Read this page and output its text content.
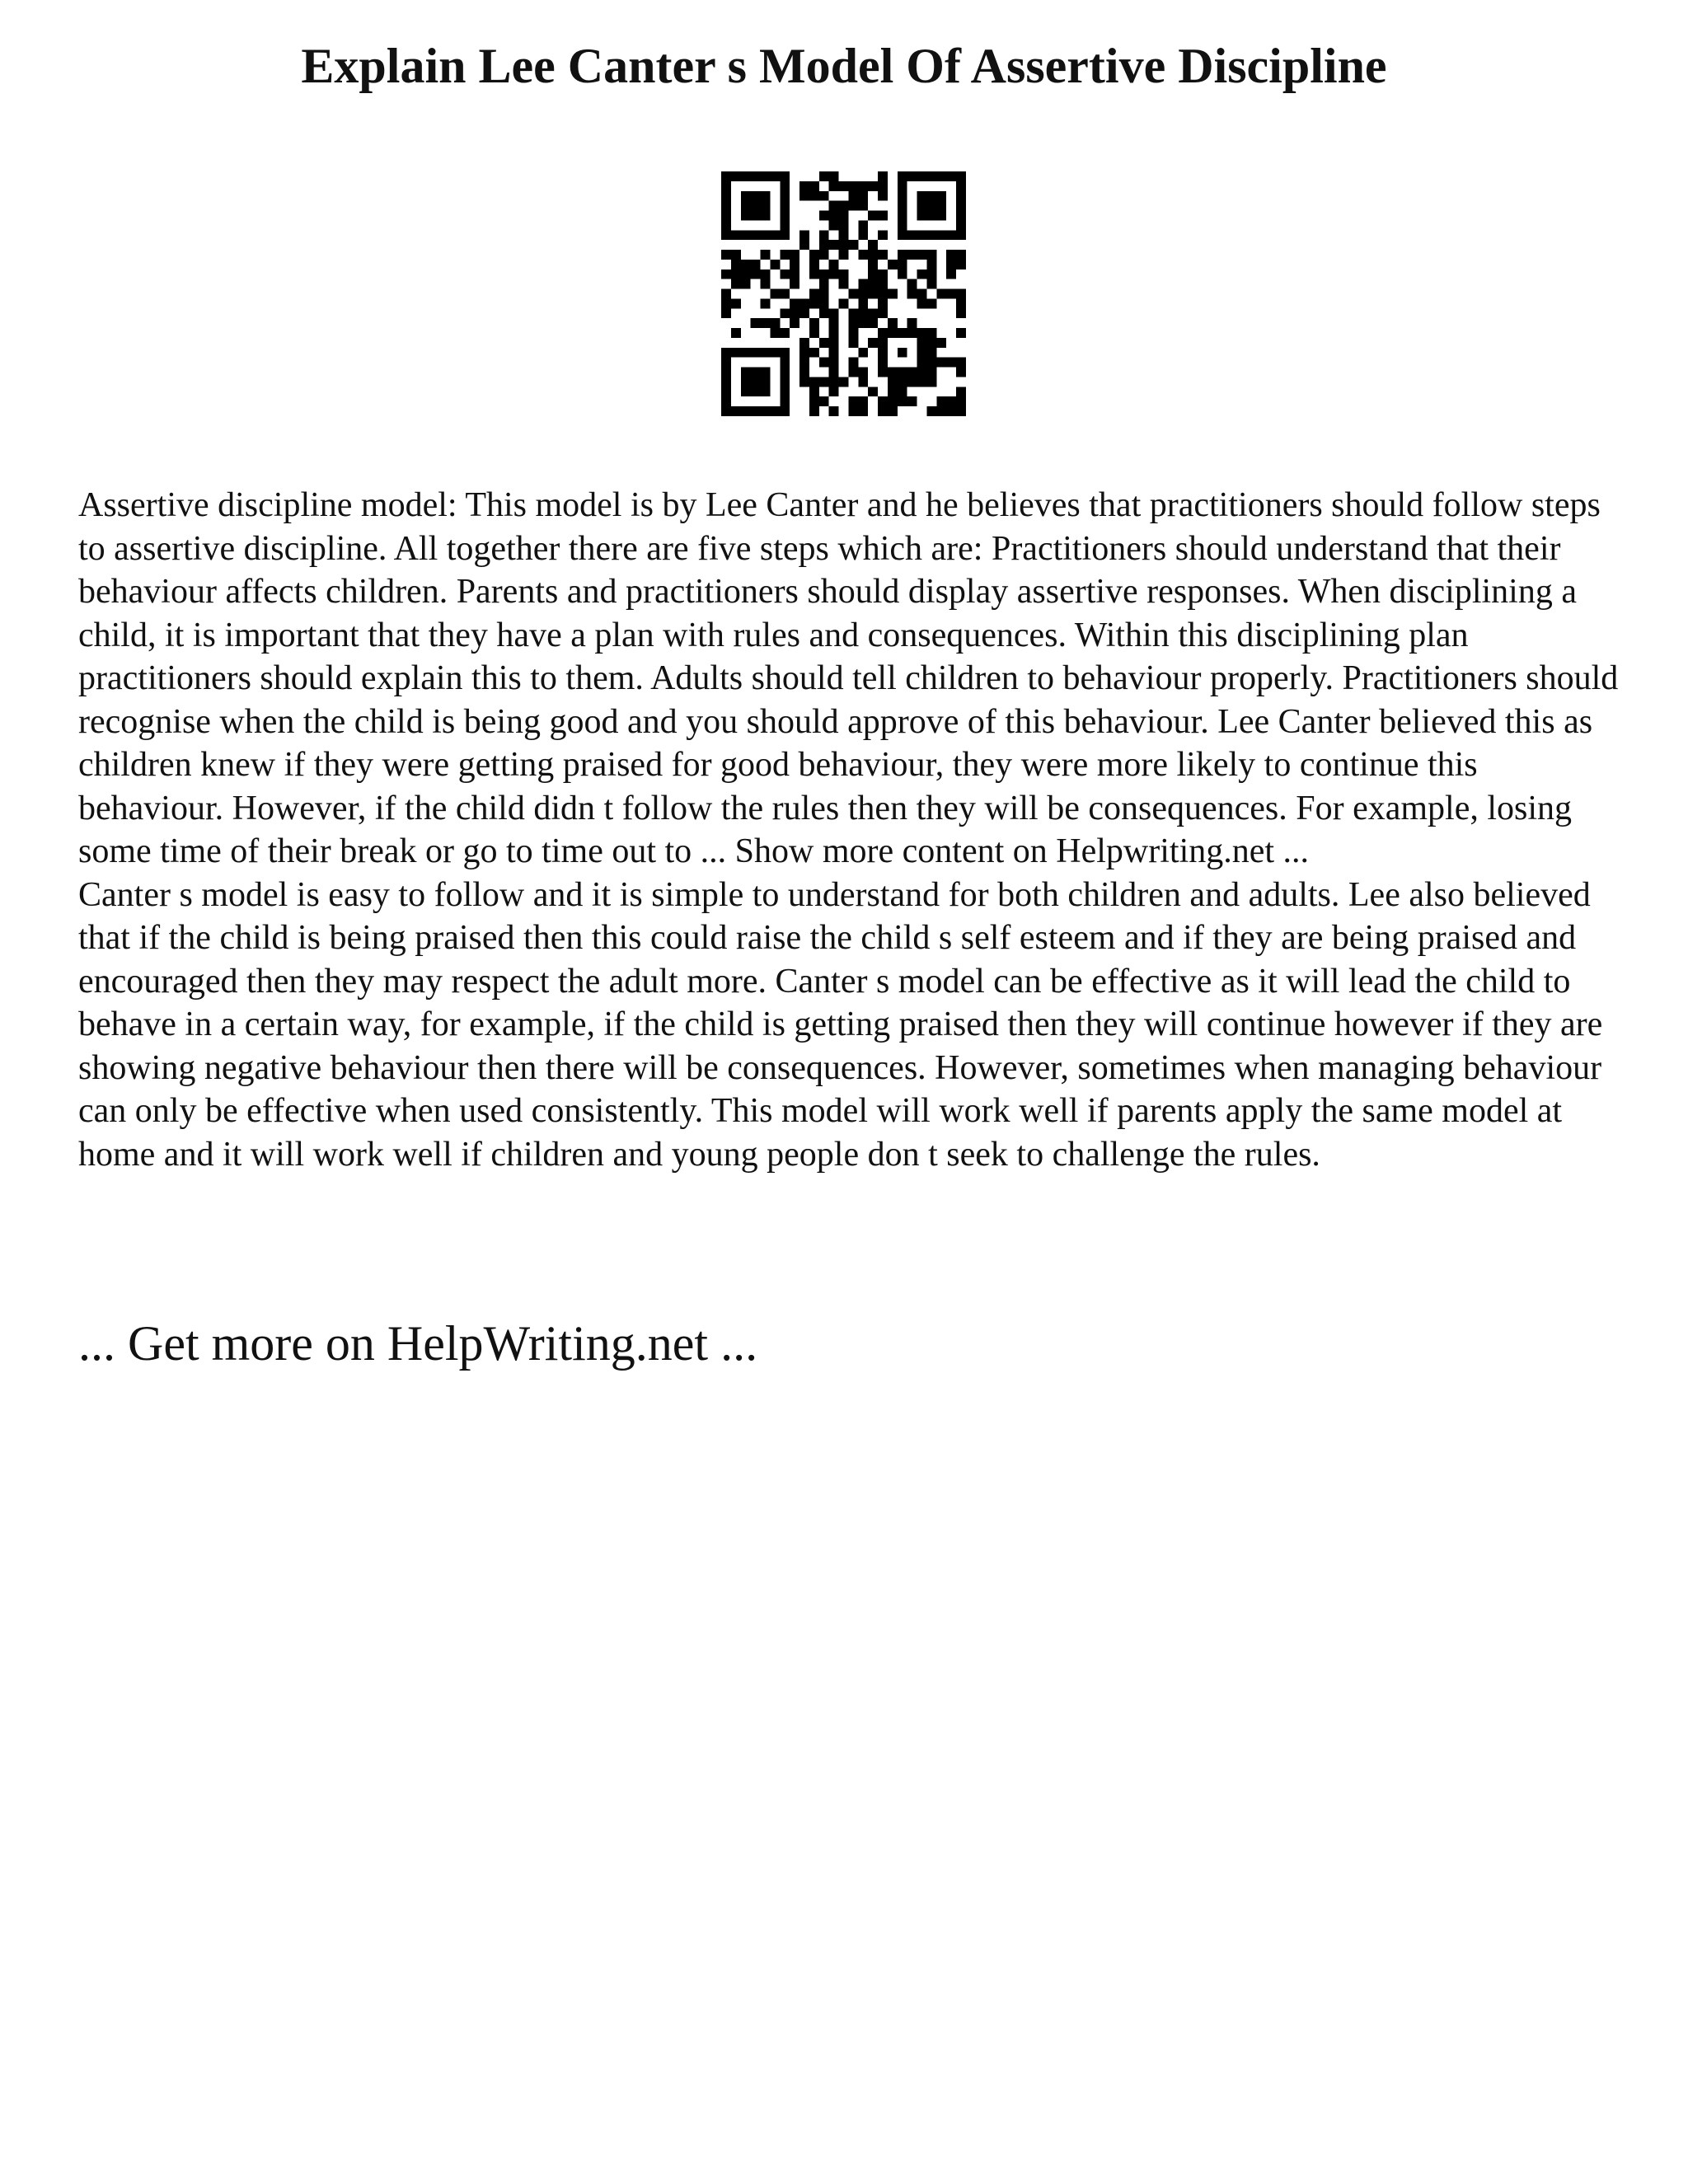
Explain Lee Canter s Model Of Assertive Discipline

Assertive discipline model: This model is by Lee Canter and he believes that practitioners should follow steps to assertive discipline. All together there are five steps which are: Practitioners should understand that their behaviour affects children. Parents and practitioners should display assertive responses. When disciplining a child, it is important that they have a plan with rules and consequences. Within this disciplining plan practitioners should explain this to them. Adults should tell children to behaviour properly. Practitioners should recognise when the child is being good and you should approve of this behaviour. Lee Canter believed this as children knew if they were getting praised for good behaviour, they were more likely to continue this behaviour. However, if the child didn t follow the rules then they will be consequences. For example, losing some time of their break or go to time out to ... Show more content on Helpwriting.net ...

Canter s model is easy to follow and it is simple to understand for both children and adults. Lee also believed that if the child is being praised then this could raise the child s self esteem and if they are being praised and encouraged then they may respect the adult more. Canter s model can be effective as it will lead the child to behave in a certain way, for example, if the child is getting praised then they will continue however if they are showing negative behaviour then there will be consequences. However, sometimes when managing behaviour can only be effective when used consistently. This model will work well if parents apply the same model at home and it will work well if children and young people don t seek to challenge the rules.

... Get more on HelpWriting.net ...
